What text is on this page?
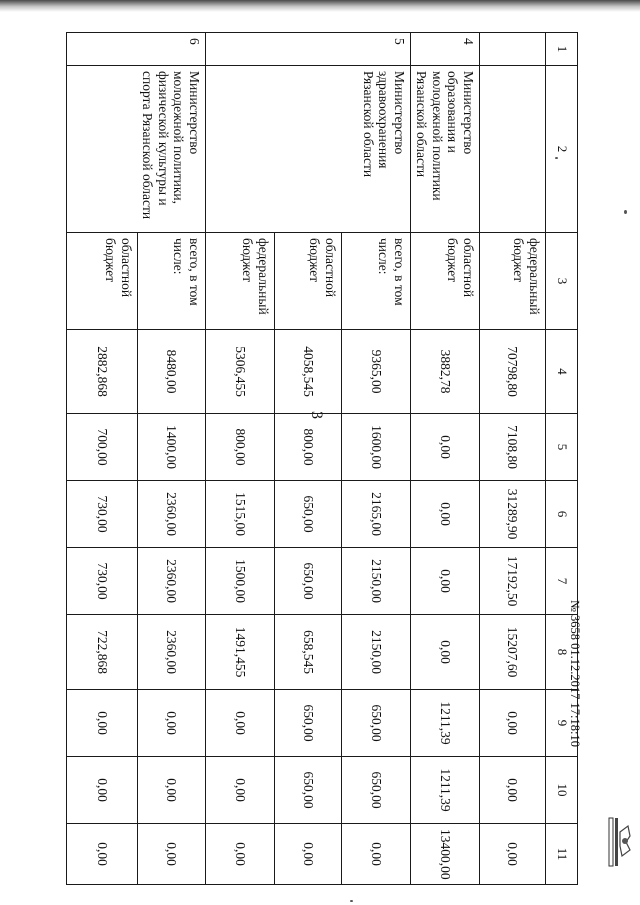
3
1	2	3	4	5	6	7	8	9	10	11
		федеральный бюджет	70798,80	7108,80	31289,90	17192,50	15207,60	0,00	0,00	0,00
4	Министерство образования и молодежной политики Рязанской области	областной бюджет	3882,78	0,00	0,00	0,00	0,00	1211,39	1211,39	13400,00
5	Министерство здравоохранения Рязанской области	всего, в том числе:	9365,00	1600,00	2165,00	2150,00	2150,00	650,00	650,00	0,00
		областной бюджет	4058,545	800,00	650,00	650,00	658,545	650,00	650,00	0,00
		федеральный бюджет	5306,455	800,00	1515,00	1500,00	1491,455	0,00	0,00	0,00
6	Министерство молодежной политики, физической культуры и спорта Рязанской области	всего, в том числе:	8480,00	1400,00	2360,00	2360,00	2360,00	0,00	0,00	0,00
		областной бюджет	2882,868	700,00	730,00	730,00	722,868	0,00	0,00	0,00
№ 3658 01.12.2017 17:18:10
